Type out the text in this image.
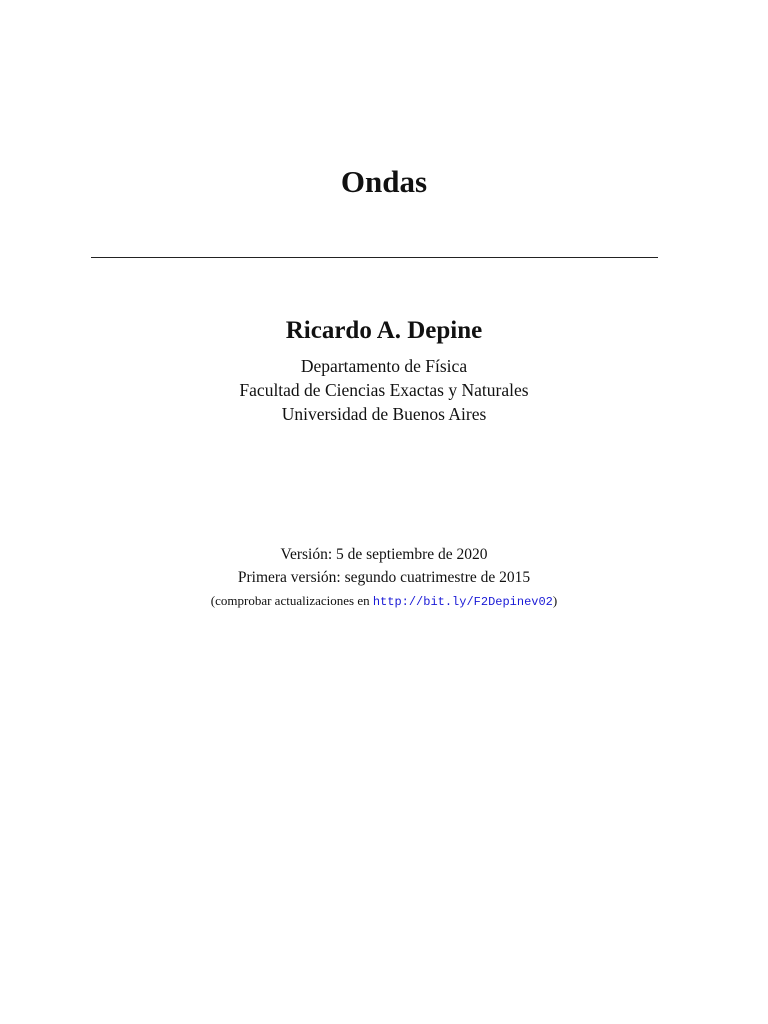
Ondas
Ricardo A. Depine
Departamento de Física
Facultad de Ciencias Exactas y Naturales
Universidad de Buenos Aires
Versión: 5 de septiembre de 2020
Primera versión: segundo cuatrimestre de 2015
(comprobar actualizaciones en http://bit.ly/F2Depinev02)
